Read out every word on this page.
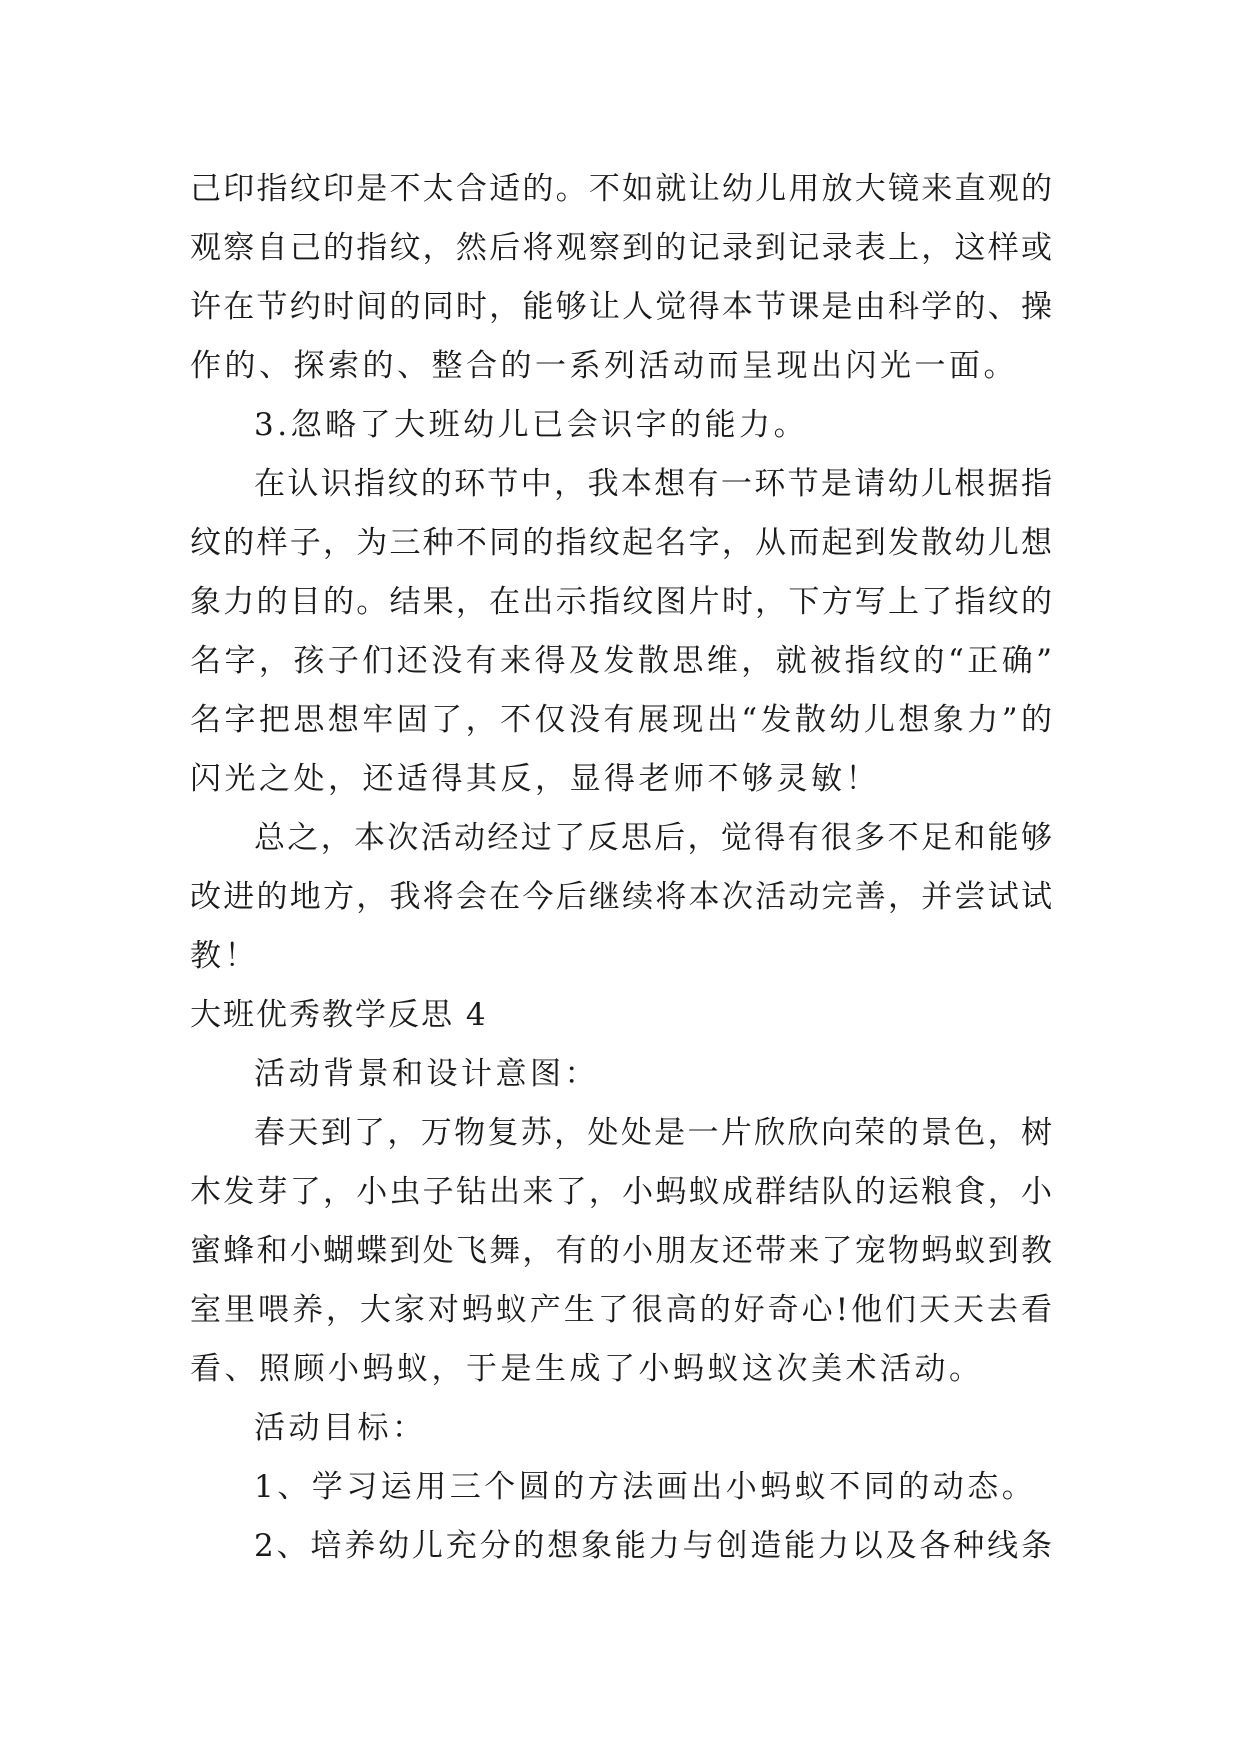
己印指纹印是不太合适的。不如就让幼儿用放大镜来直观的
观察自己的指纹，然后将观察到的记录到记录表上，这样或
许在节约时间的同时，能够让人觉得本节课是由科学的、操
作的、探索的、整合的一系列活动而呈现出闪光一面。
3.忽略了大班幼儿已会识字的能力。
在认识指纹的环节中，我本想有一环节是请幼儿根据指
纹的样子，为三种不同的指纹起名字，从而起到发散幼儿想
象力的目的。结果，在出示指纹图片时，下方写上了指纹的
名字，孩子们还没有来得及发散思维，就被指纹的“正确”
名字把思想牢固了，不仅没有展现出“发散幼儿想象力”的
闪光之处，还适得其反，显得老师不够灵敏！
总之，本次活动经过了反思后，觉得有很多不足和能够
改进的地方，我将会在今后继续将本次活动完善，并尝试试
教！
大班优秀教学反思 4
活动背景和设计意图：
春天到了，万物复苏，处处是一片欣欣向荣的景色，树
木发芽了，小虫子钻出来了，小蚂蚁成群结队的运粮食，小
蜜蜂和小蝴蝶到处飞舞，有的小朋友还带来了宠物蚂蚁到教
室里喂养，大家对蚂蚁产生了很高的好奇心!他们天天去看
看、照顾小蚂蚁，于是生成了小蚂蚁这次美术活动。
活动目标：
1、学习运用三个圆的方法画出小蚂蚁不同的动态。
2、培养幼儿充分的想象能力与创造能力以及各种线条
